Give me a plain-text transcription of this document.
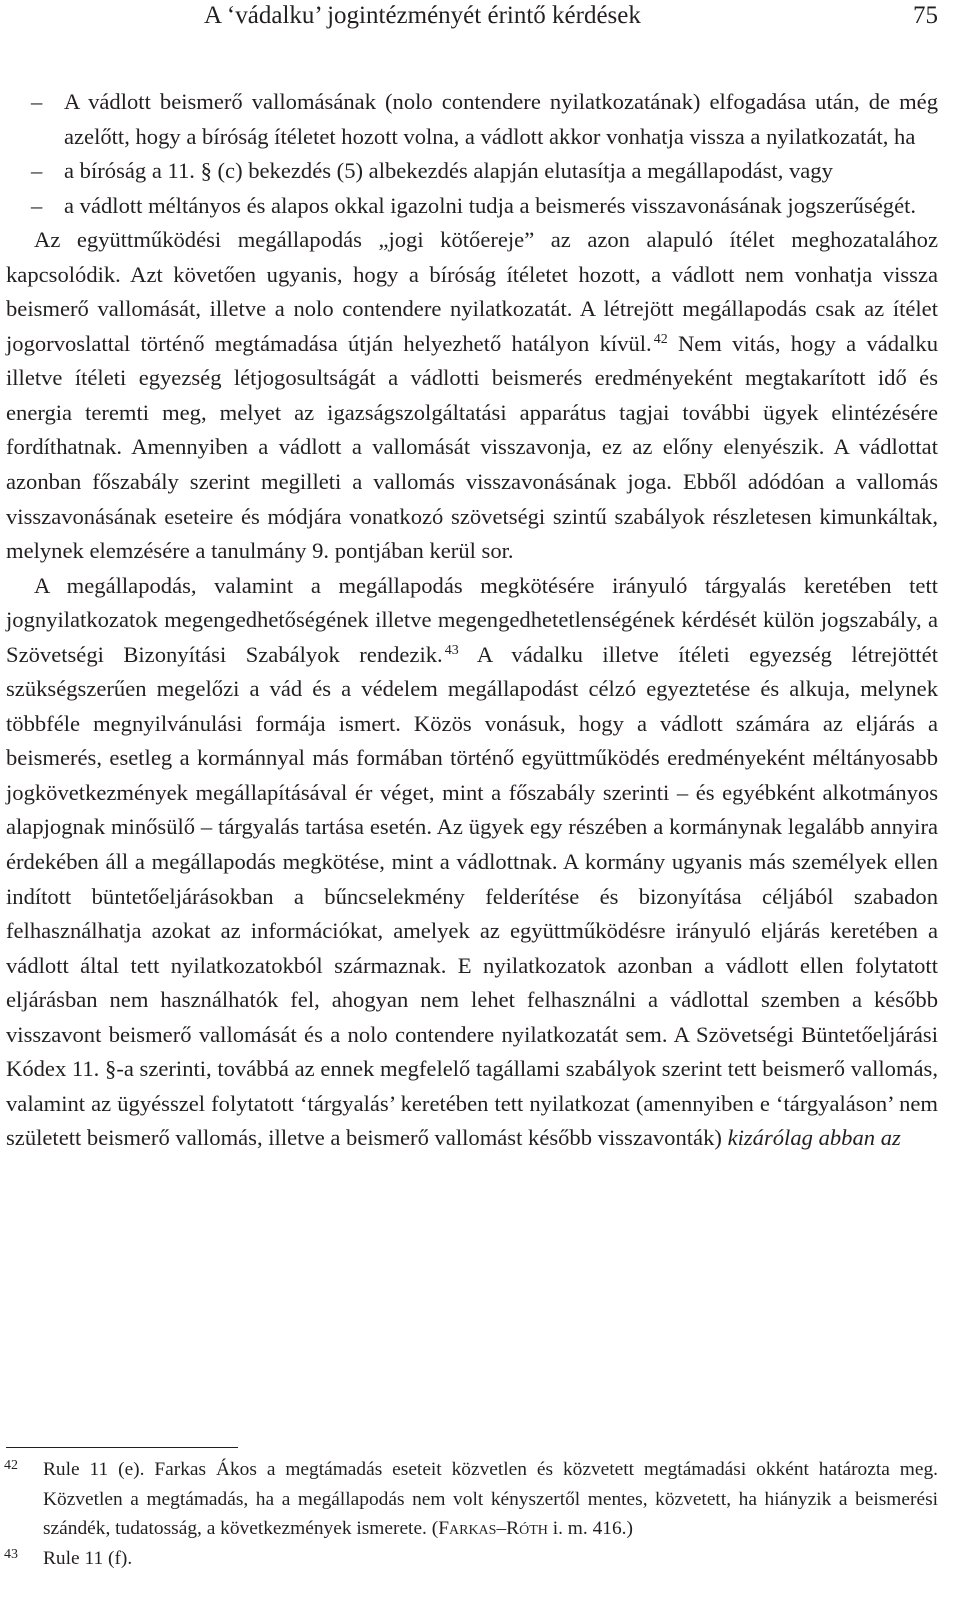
A ‘vádalku’ jogintézményét érintő kérdések	75

– A vádlott beismerő vallomásának (nolo contendere nyilatkozatának) elfogadása után, de még azelőtt, hogy a bíróság ítéletet hozott volna, a vádlott akkor vonhatja vissza a nyilatkozatát, ha

– a bíróság a 11. § (c) bekezdés (5) albekezdés alapján elutasítja a megállapodást, vagy

– a vádlott méltányos és alapos okkal igazolni tudja a beismerés visszavonásának jogszerűségét.

Az együttműködési megállapodás „jogi kötőereje” az azon alapuló ítélet meghozatalához kapcsolódik. Azt követően ugyanis, hogy a bíróság ítéletet hozott, a vádlott nem vonhatja vissza beismerő vallomását, illetve a nolo contendere nyilatkozatát. A létrejött megállapodás csak az ítélet jogorvoslattal történő megtámadása útján helyezhető hatályon kívül. $^{42}$ Nem vitás, hogy a vádalku illetve ítéleti egyezség létjogosultságát a vádlotti beismerés eredményeként megtakarított idő és energia teremti meg, melyet az igazságszolgáltatási apparátus tagjai további ügyek elintézésére fordíthatnak. Amennyiben a vádlott a vallomását visszavonja, ez az előny elenyészik. A vádlottat azonban főszabály szerint megilleti a vallomás visszavonásának joga. Ebből adódóan a vallomás visszavonásának eseteire és módjára vonatkozó szövetségi szintű szabályok részletesen kimunkáltak, melynek elemzésére a tanulmány 9. pontjában kerül sor.

A megállapodás, valamint a megállapodás megkötésére irányuló tárgyalás keretében tett jognyilatkozatok megengedhetőségének illetve megengedhetetlenségének kérdését külön jogszabály, a Szövetségi Bizonyítási Szabályok rendezik. $^{43}$ A vádalku illetve ítéleti egyezség létrejöttét szükségszerűen megelőzi a vád és a védelem megállapodást célzó egyeztetése és alkuja, melynek többféle megnyilvánulási formája ismert. Közös vonásuk, hogy a vádlott számára az eljárás a beismerés, esetleg a kormánnyal más formában történő együttműködés eredményeként méltányosabb jogkövetkezmények megállapításával ér véget, mint a főszabály szerinti – és egyébként alkotmányos alapjognak minősülő – tárgyalás tartása esetén. Az ügyek egy részében a kormánynak legalább annyira érdekében áll a megállapodás megkötése, mint a vádlottnak. A kormány ugyanis más személyek ellen indított büntetőeljárásokban a bűncselekmény felderítése és bizonyítása céljából szabadon felhasználhatja azokat az információkat, amelyek az együttműködésre irányuló eljárás keretében a vádlott által tett nyilatkozatokból származnak. E nyilatkozatok azonban a vádlott ellen folytatott eljárásban nem használhatók fel, ahogyan nem lehet felhasználni a vádlottal szemben a később visszavont beismerő vallomását és a nolo contendere nyilatkozatát sem. A Szövetségi Büntetőeljárási Kódex 11. §-a szerinti, továbbá az ennek megfelelő tagállami szabályok szerint tett beismerő vallomás, valamint az ügyésszel folytatott ‘tárgyalás’ keretében tett nyilatkozat (amennyiben e ‘tárgyaláson’ nem született beismerő vallomás, illetve a beismerő vallomást később visszavonták) kizárólag abban az

42 Rule 11 (e). Farkas Ákos a megtámadás eseteit közvetlen és közvetett megtámadási okként határozta meg. Közvetlen a megtámadás, ha a megállapodás nem volt kényszertől mentes, közvetett, ha hiányzik a beismerési szándék, tudatosság, a következmények ismerete. (Farkas–Róth i. m. 416.)

43 Rule 11 (f).
